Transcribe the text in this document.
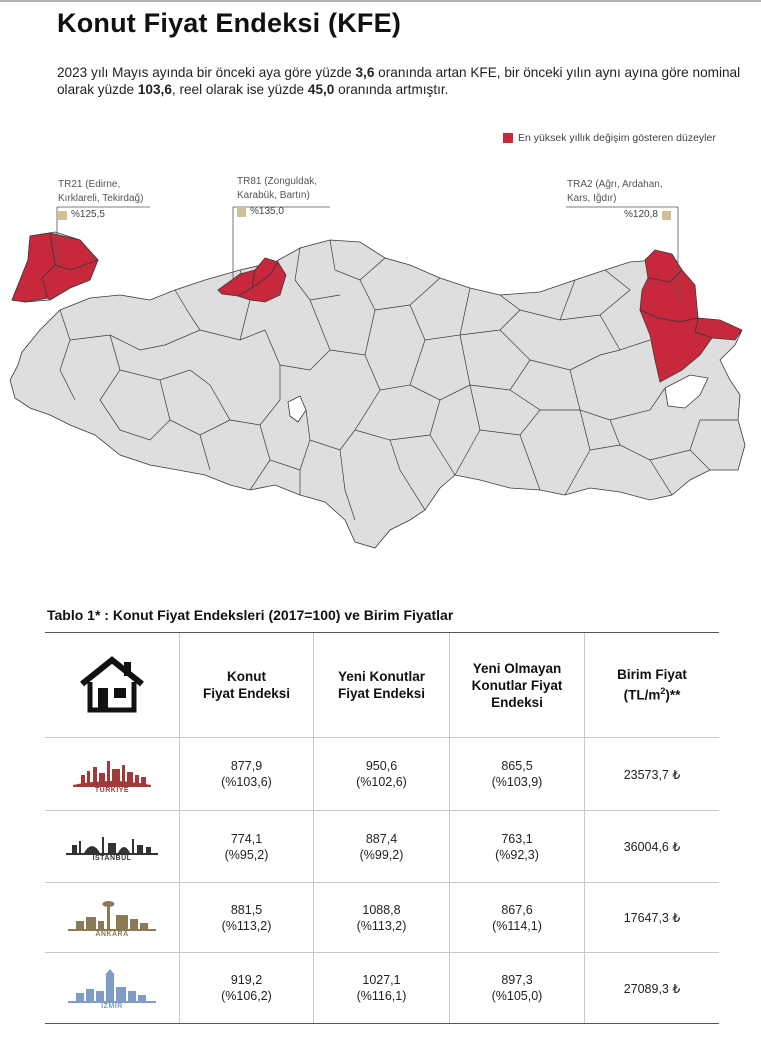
Konut Fiyat Endeksi (KFE)

2023 yılı Mayıs ayında bir önceki aya göre yüzde 3,6 oranında artan KFE, bir önceki yılın aynı ayına göre nominal olarak yüzde 103,6, reel olarak ise yüzde 45,0 oranında artmıştır.

En yüksek yıllık değişim gösteren düzeyler
TR21 (Edirne,
Kırklareli, Tekirdağ)
%125,5
TR81 (Zonguldak,
Karabük, Bartın)
%135,0
TRA2 (Ağrı, Ardahan,
Kars, Iğdır)
%120,8
Tablo 1* : Konut Fiyat Endeksleri (2017=100) ve Birim Fiyatlar
Konut
Fiyat Endeksi
Yeni Konutlar
Fiyat Endeksi
Yeni Olmayan
Konutlar Fiyat
Endeksi
Birim Fiyat
$(TL/m^2)**$
TÜRKİYE
877,9
(%103,6)
950,6
(%102,6)
865,5
(%103,9)
23573,7 ₺
İSTANBUL
774,1
(%95,2)
887,4
(%99,2)
763,1
(%92,3)
36004,6 ₺
ANKARA
881,5
(%113,2)
1088,8
(%113,2)
867,6
(%114,1)
17647,3 ₺
İZMİR
919,2
(%106,2)
1027,1
(%116,1)
897,3
(%105,0)
27089,3 ₺
